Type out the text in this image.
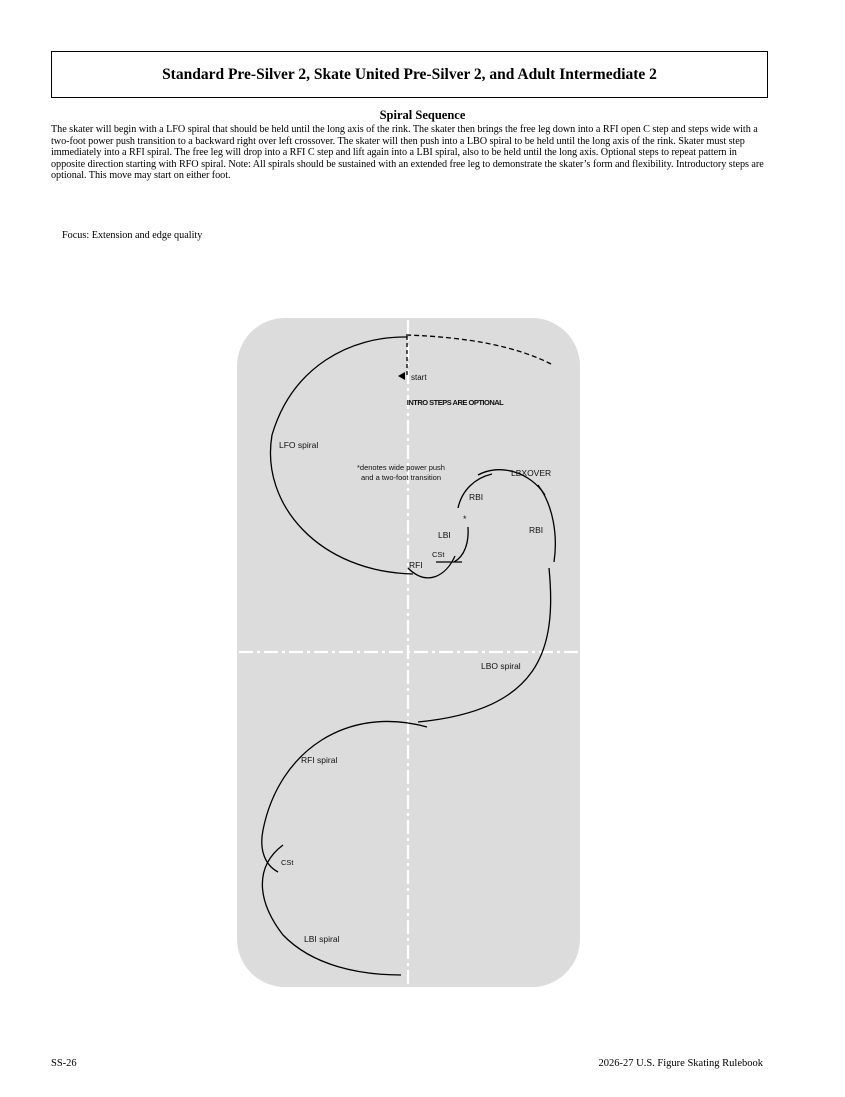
Standard Pre-Silver 2, Skate United Pre-Silver 2, and Adult Intermediate 2
Spiral Sequence

The skater will begin with a LFO spiral that should be held until the long axis of the rink. The skater then brings the free leg down into a RFI open C step and steps wide with a two-foot power push transition to a backward right over left crossover. The skater will then push into a LBO spiral to be held until the long axis of the rink. Skater must step immediately into a RFI spiral. The free leg will drop into a RFI C step and lift again into a LBI spiral, also to be held until the long axis. Optional steps to repeat pattern in opposite direction starting with RFO spiral. Note: All spirals should be sustained with an extended free leg to demonstrate the skater’s form and flexibility. Introductory steps are optional. This move may start on either foot.

Focus: Extension and edge quality
start
INTRO STEPS ARE OPTIONAL
LFO spiral
*denotes wide power push
and a two-foot transition	LBXOVER
RBI
*
RBI
LBI
CSt
RFI
LBO spiral
RFI spiral
CSt
LBI spiral
SS-26	2026-27 U.S. Figure Skating Rulebook
